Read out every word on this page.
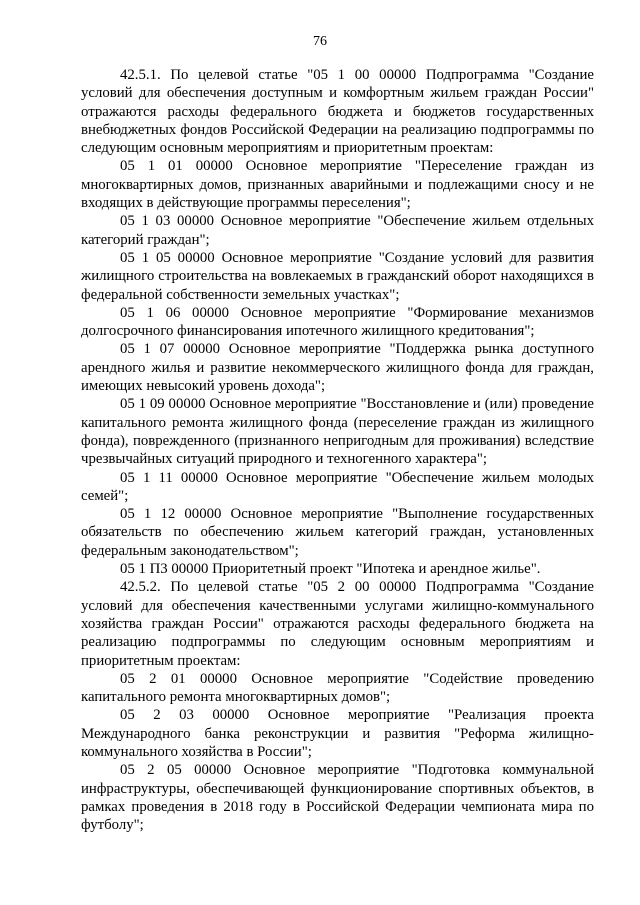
76

42.5.1. По целевой статье "05 1 00 00000 Подпрограмма "Создание условий для обеспечения доступным и комфортным жильем граждан России" отражаются расходы федерального бюджета и бюджетов государственных внебюджетных фондов Российской Федерации на реализацию подпрограммы по следующим основным мероприятиям и приоритетным проектам:

05 1 01 00000 Основное мероприятие "Переселение граждан из многоквартирных домов, признанных аварийными и подлежащими сносу и не входящих в действующие программы переселения";

05 1 03 00000 Основное мероприятие "Обеспечение жильем отдельных категорий граждан";

05 1 05 00000 Основное мероприятие "Создание условий для развития жилищного строительства на вовлекаемых в гражданский оборот находящихся в федеральной собственности земельных участках";

05 1 06 00000 Основное мероприятие "Формирование механизмов долгосрочного финансирования ипотечного жилищного кредитования";

05 1 07 00000 Основное мероприятие "Поддержка рынка доступного арендного жилья и развитие некоммерческого жилищного фонда для граждан, имеющих невысокий уровень дохода";

05 1 09 00000 Основное мероприятие "Восстановление и (или) проведение капитального ремонта жилищного фонда (переселение граждан из жилищного фонда), поврежденного (признанного непригодным для проживания) вследствие чрезвычайных ситуаций природного и техногенного характера";

05 1 11 00000 Основное мероприятие "Обеспечение жильем молодых семей";

05 1 12 00000 Основное мероприятие "Выполнение государственных обязательств по обеспечению жильем категорий граждан, установленных федеральным законодательством";

05 1 П3 00000 Приоритетный проект "Ипотека и арендное жилье".

42.5.2. По целевой статье "05 2 00 00000 Подпрограмма "Создание условий для обеспечения качественными услугами жилищно-коммунального хозяйства граждан России" отражаются расходы федерального бюджета на реализацию подпрограммы по следующим основным мероприятиям и приоритетным проектам:

05 2 01 00000 Основное мероприятие "Содействие проведению капитального ремонта многоквартирных домов";

05 2 03 00000 Основное мероприятие "Реализация проекта Международного банка реконструкции и развития "Реформа жилищно-коммунального хозяйства в России";

05 2 05 00000 Основное мероприятие "Подготовка коммунальной инфраструктуры, обеспечивающей функционирование спортивных объектов, в рамках проведения в 2018 году в Российской Федерации чемпионата мира по футболу";
